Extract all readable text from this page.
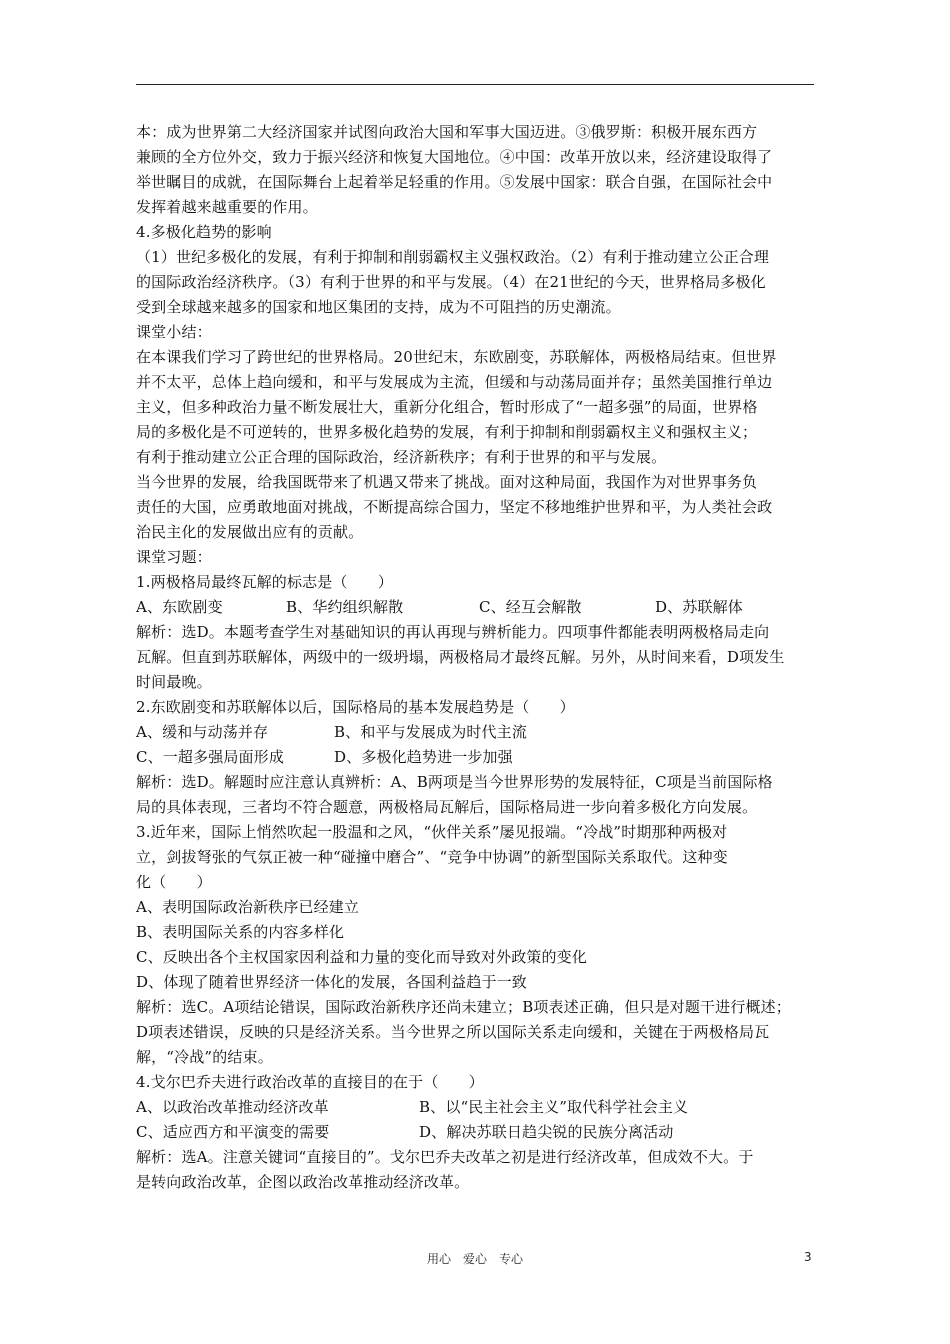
本：成为世界第二大经济国家并试图向政治大国和军事大国迈进。③俄罗斯：积极开展东西方

兼顾的全方位外交，致力于振兴经济和恢复大国地位。④中国：改革开放以来，经济建设取得了

举世瞩目的成就，在国际舞台上起着举足轻重的作用。⑤发展中国家：联合自强，在国际社会中

发挥着越来越重要的作用。

4.多极化趋势的影响

（1）世纪多极化的发展，有利于抑制和削弱霸权主义强权政治。（2）有利于推动建立公正合理

的国际政治经济秩序。（3）有利于世界的和平与发展。（4）在21世纪的今天，世界格局多极化

受到全球越来越多的国家和地区集团的支持，成为不可阻挡的历史潮流。

课堂小结：

在本课我们学习了跨世纪的世界格局。20世纪末，东欧剧变，苏联解体，两极格局结束。但世界

并不太平，总体上趋向缓和，和平与发展成为主流，但缓和与动荡局面并存；虽然美国推行单边

主义，但多种政治力量不断发展壮大，重新分化组合，暂时形成了“一超多强”的局面，世界格

局的多极化是不可逆转的，世界多极化趋势的发展，有利于抑制和削弱霸权主义和强权主义；

有利于推动建立公正合理的国际政治，经济新秩序；有利于世界的和平与发展。

当今世界的发展，给我国既带来了机遇又带来了挑战。面对这种局面，我国作为对世界事务负

责任的大国，应勇敢地面对挑战，不断提高综合国力，坚定不移地维护世界和平，为人类社会政

治民主化的发展做出应有的贡献。

课堂习题：

1.两极格局最终瓦解的标志是（　　）

A、东欧剧变	B、华约组织解散	C、经互会解散	D、苏联解体

解析：选D。本题考查学生对基础知识的再认再现与辨析能力。四项事件都能表明两极格局走向

瓦解。但直到苏联解体，两级中的一级坍塌，两极格局才最终瓦解。另外，从时间来看，D项发生

时间最晚。

2.东欧剧变和苏联解体以后，国际格局的基本发展趋势是（　　）

A、缓和与动荡并存	B、和平与发展成为时代主流
C、一超多强局面形成	D、多极化趋势进一步加强

解析：选D。解题时应注意认真辨析：A、B两项是当今世界形势的发展特征，C项是当前国际格

局的具体表现，三者均不符合题意，两极格局瓦解后，国际格局进一步向着多极化方向发展。

3.近年来，国际上悄然吹起一股温和之风，“伙伴关系”屡见报端。“冷战”时期那种两极对

立，剑拔弩张的气氛正被一种“碰撞中磨合”、“竞争中协调”的新型国际关系取代。这种变

化（　　）

A、表明国际政治新秩序已经建立

B、表明国际关系的内容多样化

C、反映出各个主权国家因利益和力量的变化而导致对外政策的变化

D、体现了随着世界经济一体化的发展，各国利益趋于一致

解析：选C。A项结论错误，国际政治新秩序还尚未建立；B项表述正确，但只是对题干进行概述；

D项表述错误，反映的只是经济关系。当今世界之所以国际关系走向缓和，关键在于两极格局瓦

解，“冷战”的结束。

4.戈尔巴乔夫进行政治改革的直接目的在于（　　）

A、以政治改革推动经济改革	B、以“民主社会主义”取代科学社会主义
C、适应西方和平演变的需要	D、解决苏联日趋尖锐的民族分离活动

解析：选A。注意关键词“直接目的”。戈尔巴乔夫改革之初是进行经济改革，但成效不大。于

是转向政治改革，企图以政治改革推动经济改革。

用心　爱心　专心	3
